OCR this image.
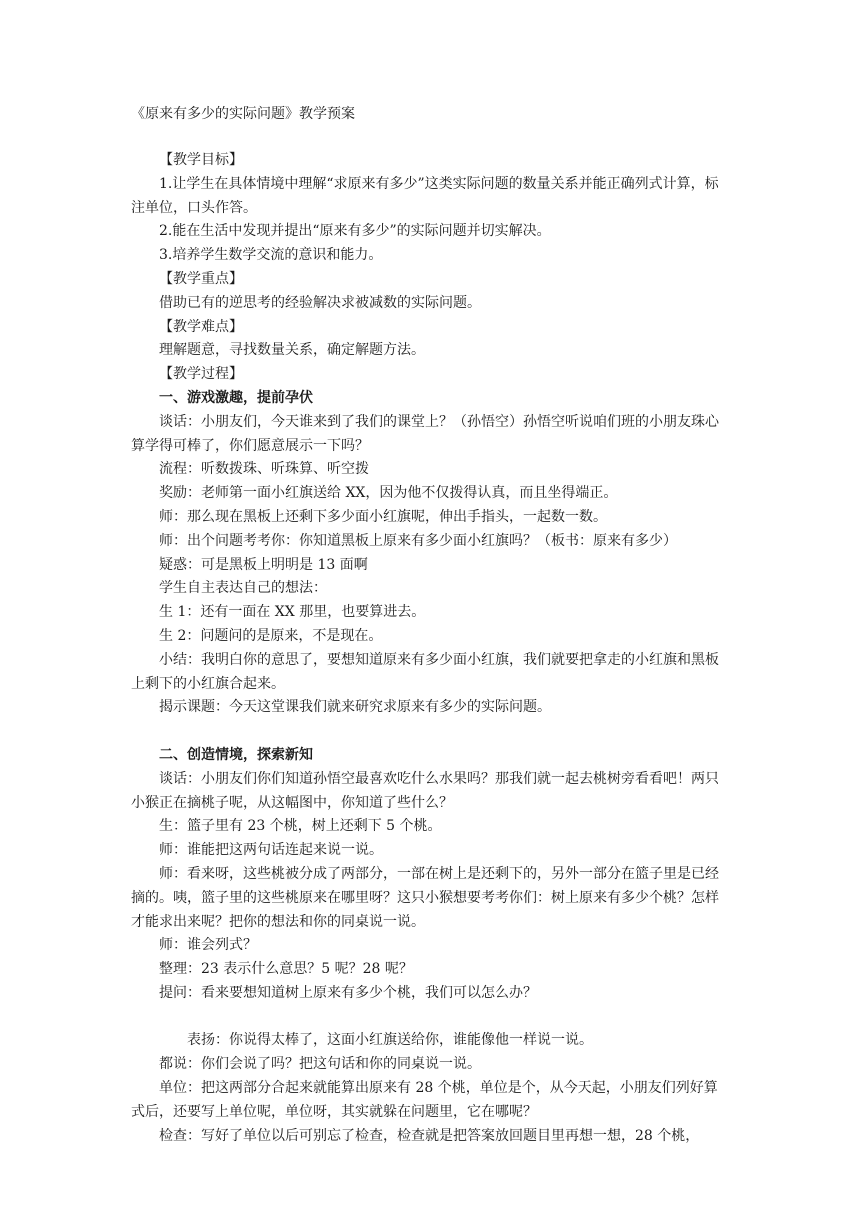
《原来有多少的实际问题》教学预案

【教学目标】

1.让学生在具体情境中理解“求原来有多少”这类实际问题的数量关系并能正确列式计算，标注单位，口头作答。

2.能在生活中发现并提出“原来有多少”的实际问题并切实解决。

3.培养学生数学交流的意识和能力。

【教学重点】

借助已有的逆思考的经验解决求被减数的实际问题。

【教学难点】

理解题意，寻找数量关系，确定解题方法。

【教学过程】

一、游戏激趣，提前孕伏

谈话：小朋友们，今天谁来到了我们的课堂上？（孙悟空）孙悟空听说咱们班的小朋友珠心算学得可棒了，你们愿意展示一下吗？

流程：听数拨珠、听珠算、听空拨

奖励：老师第一面小红旗送给 XX，因为他不仅拨得认真，而且坐得端正。

师：那么现在黑板上还剩下多少面小红旗呢，伸出手指头，一起数一数。

师：出个问题考考你：你知道黑板上原来有多少面小红旗吗？（板书：原来有多少）

疑惑：可是黑板上明明是 13 面啊

学生自主表达自己的想法：

生 1：还有一面在 XX 那里，也要算进去。

生 2：问题问的是原来，不是现在。

小结：我明白你的意思了，要想知道原来有多少面小红旗，我们就要把拿走的小红旗和黑板上剩下的小红旗合起来。

揭示课题：今天这堂课我们就来研究求原来有多少的实际问题。

二、创造情境，探索新知

谈话：小朋友们你们知道孙悟空最喜欢吃什么水果吗？那我们就一起去桃树旁看看吧！两只小猴正在摘桃子呢，从这幅图中，你知道了些什么？

生：篮子里有 23 个桃，树上还剩下 5 个桃。

师：谁能把这两句话连起来说一说。

师：看来呀，这些桃被分成了两部分，一部在树上是还剩下的，另外一部分在篮子里是已经摘的。咦，篮子里的这些桃原来在哪里呀？这只小猴想要考考你们：树上原来有多少个桃？怎样才能求出来呢？把你的想法和你的同桌说一说。

师：谁会列式？

整理：23 表示什么意思？5 呢？28 呢？

提问：看来要想知道树上原来有多少个桃，我们可以怎么办？

表扬：你说得太棒了，这面小红旗送给你，谁能像他一样说一说。

都说：你们会说了吗？把这句话和你的同桌说一说。

单位：把这两部分合起来就能算出原来有 28 个桃，单位是个，从今天起，小朋友们列好算式后，还要写上单位呢，单位呀，其实就躲在问题里，它在哪呢？

检查：写好了单位以后可别忘了检查，检查就是把答案放回题目里再想一想，28 个桃，
